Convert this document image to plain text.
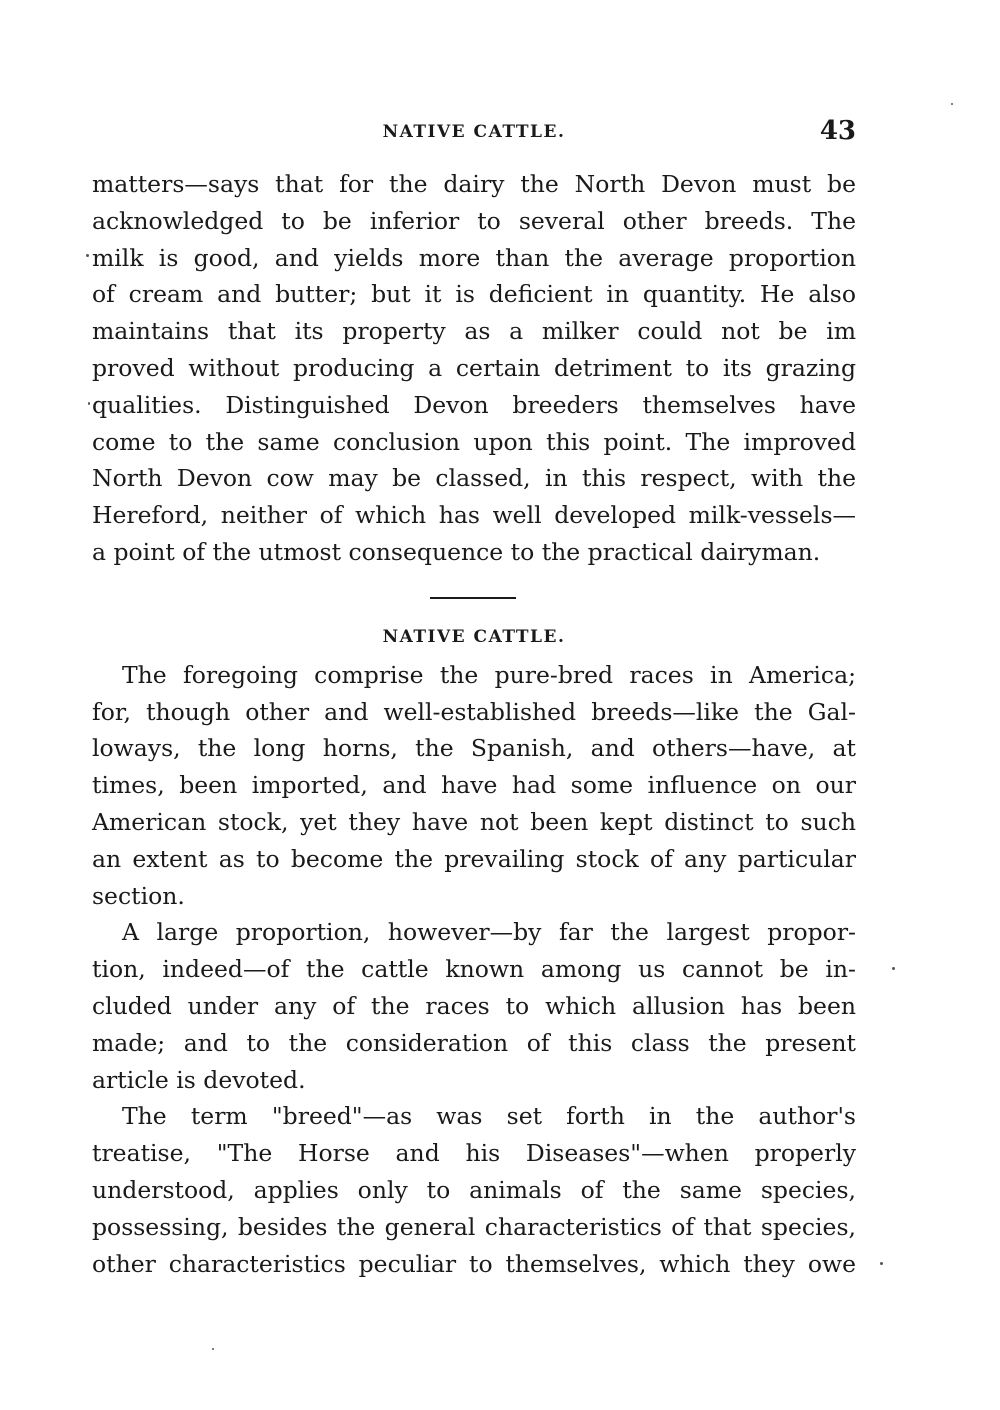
NATIVE CATTLE.	43

matters—says that for the dairy the North Devon must be
acknowledged to be inferior to several other breeds. The
milk is good, and yields more than the average proportion
of cream and butter; but it is deficient in quantity. He also
maintains that its property as a milker could not be im
proved without producing a certain detriment to its grazing
qualities. Distinguished Devon breeders themselves have
come to the same conclusion upon this point. The improved
North Devon cow may be classed, in this respect, with the
Hereford, neither of which has well developed milk-vessels—
a point of the utmost consequence to the practical dairyman.

NATIVE CATTLE.

The foregoing comprise the pure-bred races in America;
for, though other and well-established breeds—like the Gal-
loways, the long horns, the Spanish, and others—have, at
times, been imported, and have had some influence on our
American stock, yet they have not been kept distinct to such
an extent as to become the prevailing stock of any particular
section.

A large proportion, however—by far the largest propor-
tion, indeed—of the cattle known among us cannot be in-
cluded under any of the races to which allusion has been
made; and to the consideration of this class the present
article is devoted.

The term "breed"—as was set forth in the author's
treatise, "The Horse and his Diseases"—when properly
understood, applies only to animals of the same species,
possessing, besides the general characteristics of that species,
other characteristics peculiar to themselves, which they owe
